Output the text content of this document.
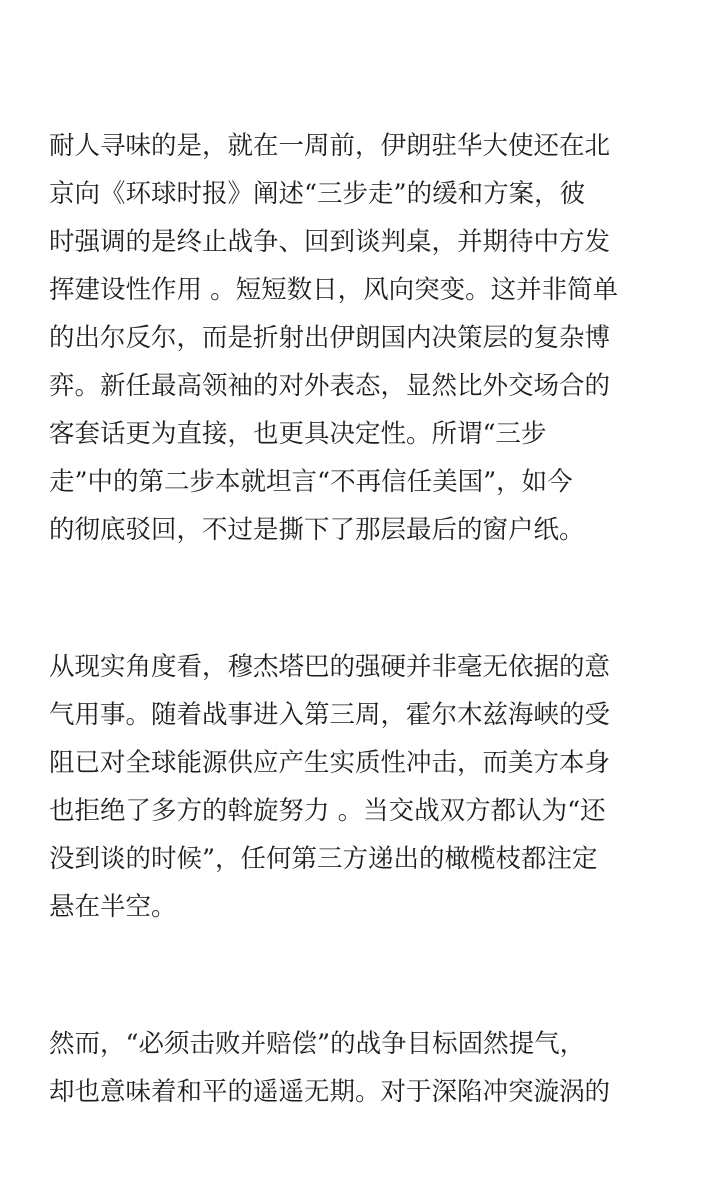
耐人寻味的是，就在一周前，伊朗驻华大使还在北
京向《环球时报》阐述“三步走”的缓和方案，彼
时强调的是终止战争、回到谈判桌，并期待中方发
挥建设性作用 。短短数日，风向突变。这并非简单
的出尔反尔，而是折射出伊朗国内决策层的复杂博
弈。新任最高领袖的对外表态，显然比外交场合的
客套话更为直接，也更具决定性。所谓“三步
走”中的第二步本就坦言“不再信任美国”，如今
的彻底驳回，不过是撕下了那层最后的窗户纸。
从现实角度看，穆杰塔巴的强硬并非毫无依据的意
气用事。随着战事进入第三周，霍尔木兹海峡的受
阻已对全球能源供应产生实质性冲击，而美方本身
也拒绝了多方的斡旋努力 。当交战双方都认为“还
没到谈的时候”，任何第三方递出的橄榄枝都注定
悬在半空。
然而，“必须击败并赔偿”的战争目标固然提气，
却也意味着和平的遥遥无期。对于深陷冲突漩涡的
